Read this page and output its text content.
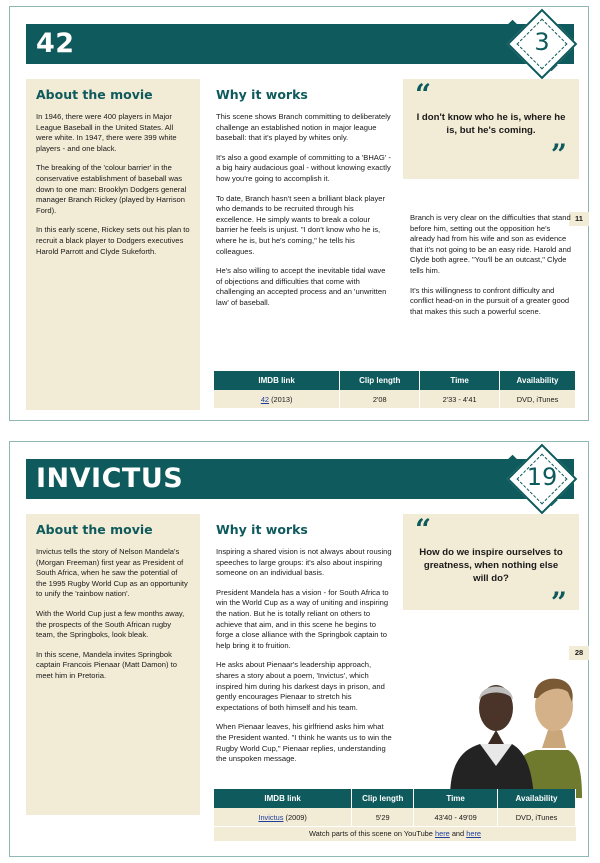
42	3
About the movie

In 1946, there were 400 players in Major League Baseball in the United States. All were white. In 1947, there were 399 white players - and one black.

The breaking of the 'colour barrier' in the conservative establishment of baseball was down to one man: Brooklyn Dodgers general manager Branch Rickey (played by Harrison Ford).

In this early scene, Rickey sets out his plan to recruit a black player to Dodgers executives Harold Parrott and Clyde Sukeforth.

Why it works

This scene shows Branch committing to deliberately challenge an established notion in major league baseball: that it's played by whites only.

It's also a good example of committing to a 'BHAG' - a big hairy audacious goal - without knowing exactly how you're going to accomplish it.

To date, Branch hasn't seen a brilliant black player who demands to be recruited through his excellence. He simply wants to break a colour barrier he feels is unjust. "I don't know who he is, where he is, but he's coming," he tells his colleagues.

He's also willing to accept the inevitable tidal wave of objections and difficulties that come with challenging an accepted process and an 'unwritten law' of baseball.

“
I don't know who he is, where he is, but he's coming.
”
11

Branch is very clear on the difficulties that stand before him, setting out the opposition he's already had from his wife and son as evidence that it's not going to be an easy ride. Harold and Clyde both agree. "You'll be an outcast," Clyde tells him.

It's this willingness to confront difficulty and conflict head-on in the pursuit of a greater good that makes this such a powerful scene.

IMDB link	Clip length	Time	Availability
42 (2013)	2'08	2'33 - 4'41	DVD, iTunes
INVICTUS	19
About the movie

Invictus tells the story of Nelson Mandela's (Morgan Freeman) first year as President of South Africa, when he saw the potential of the 1995 Rugby World Cup as an opportunity to unify the 'rainbow nation'.

With the World Cup just a few months away, the prospects of the South African rugby team, the Springboks, look bleak.

In this scene, Mandela invites Springbok captain Francois Pienaar (Matt Damon) to meet him in Pretoria.

Why it works

Inspiring a shared vision is not always about rousing speeches to large groups: it's also about inspiring someone on an individual basis.

President Mandela has a vision - for South Africa to win the World Cup as a way of uniting and inspiring the nation. But he is totally reliant on others to achieve that aim, and in this scene he begins to forge a close alliance with the Springbok captain to help bring it to fruition.

He asks about Pienaar's leadership approach, shares a story about a poem, 'Invictus', which inspired him during his darkest days in prison, and gently encourages Pienaar to stretch his expectations of both himself and his team.

When Pienaar leaves, his girlfriend asks him what the President wanted. "I think he wants us to win the Rugby World Cup," Pienaar replies, understanding the unspoken message.

“
How do we inspire ourselves to greatness, when nothing else will do?
”
28
IMDB link	Clip length	Time	Availability
Invictus (2009)	5'29	43'40 - 49'09	DVD, iTunes
Watch parts of this scene on YouTube here and here
